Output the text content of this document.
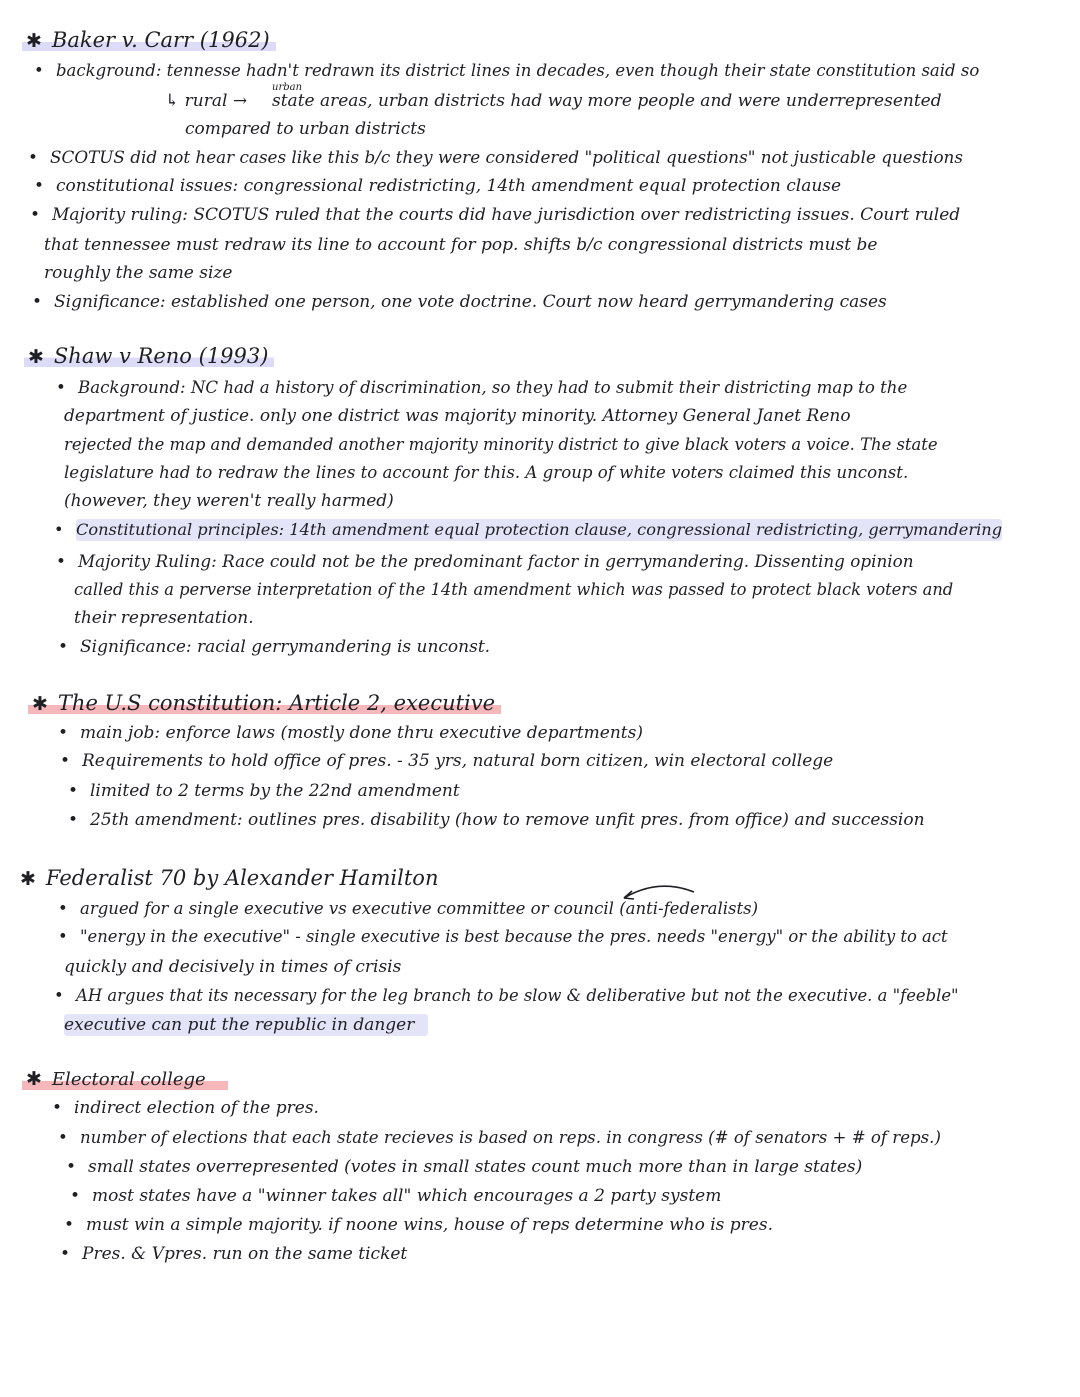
✱ Baker v. Carr (1962)
• background: tennesse hadn't redrawn its district lines in decades, even though their state constitution said so
urban
↳ rural → state areas, urban districts had way more people and were underrepresented
compared to urban districts
• SCOTUS did not hear cases like this b/c they were considered "political questions" not justicable questions
• constitutional issues: congressional redistricting, 14th amendment equal protection clause
• Majority ruling: SCOTUS ruled that the courts did have jurisdiction over redistricting issues. Court ruled
that tennessee must redraw its line to account for pop. shifts b/c congressional districts must be
roughly the same size
• Significance: established one person, one vote doctrine. Court now heard gerrymandering cases
✱ Shaw v Reno (1993)
• Background: NC had a history of discrimination, so they had to submit their districting map to the
department of justice. only one district was majority minority. Attorney General Janet Reno
rejected the map and demanded another majority minority district to give black voters a voice. The state
legislature had to redraw the lines to account for this. A group of white voters claimed this unconst.
(however, they weren't really harmed)
• Constitutional principles: 14th amendment equal protection clause, congressional redistricting, gerrymandering
• Majority Ruling: Race could not be the predominant factor in gerrymandering. Dissenting opinion
called this a perverse interpretation of the 14th amendment which was passed to protect black voters and
their representation.
• Significance: racial gerrymandering is unconst.
✱ The U.S constitution: Article 2, executive
• main job: enforce laws (mostly done thru executive departments)
• Requirements to hold office of pres. - 35 yrs, natural born citizen, win electoral college
• limited to 2 terms by the 22nd amendment
• 25th amendment: outlines pres. disability (how to remove unfit pres. from office) and succession
✱ Federalist 70 by Alexander Hamilton
• argued for a single executive vs executive committee or council (anti-federalists)
• "energy in the executive" - single executive is best because the pres. needs "energy" or the ability to act
quickly and decisively in times of crisis
• AH argues that its necessary for the leg branch to be slow & deliberative but not the executive. a "feeble"
executive can put the republic in danger
✱ Electoral college
• indirect election of the pres.
• number of elections that each state recieves is based on reps. in congress (# of senators + # of reps.)
• small states overrepresented (votes in small states count much more than in large states)
• most states have a "winner takes all" which encourages a 2 party system
• must win a simple majority. if noone wins, house of reps determine who is pres.
• Pres. & Vpres. run on the same ticket
